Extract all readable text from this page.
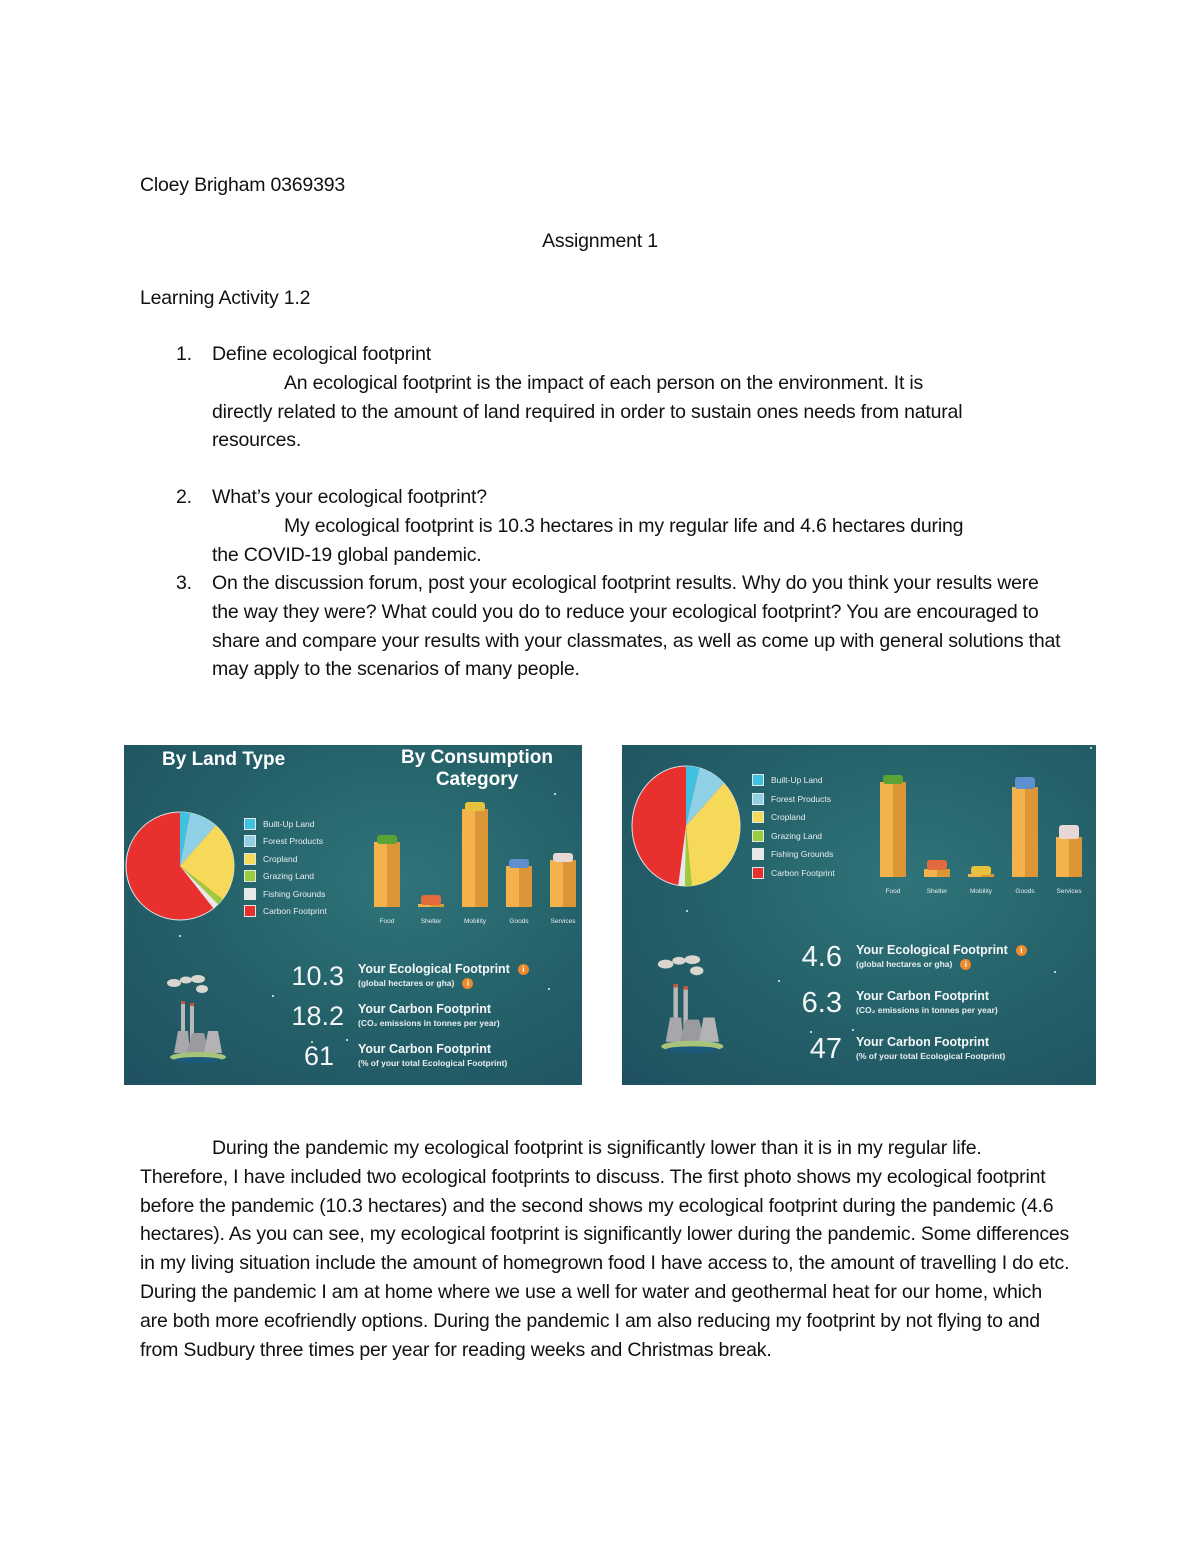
Cloey Brigham 0369393
Assignment 1
Learning Activity 1.2
1.	Define ecological footprint
An ecological footprint is the impact of each person on the environment. It is
directly related to the amount of land required in order to sustain ones needs from natural resources.
2.	What’s your ecological footprint?
My ecological footprint is 10.3 hectares in my regular life and 4.6 hectares during
the COVID-19 global pandemic.
3.	On the discussion forum, post your ecological footprint results. Why do you think your results were the way they were? What could you do to reduce your ecological footprint? You are encouraged to share and compare your results with your classmates, as well as come up with general solutions that may apply to the scenarios of many people.
By Land Type	By Consumption
Category
Built-Up Land
Forest Products
Cropland
Grazing Land
Fishing Grounds
Carbon Footprint
Food	Shelter	Mobility	Goods	Services
10.3 Your Ecological Footprint i
(global hectares or gha) i
18.2 Your Carbon Footprint
(CO₂ emissions in tonnes per year)
61	Your Carbon Footprint
(% of your total Ecological Footprint)
Built-Up Land
Forest Products
Cropland
Grazing Land
Fishing Grounds
Carbon Footprint
Food	Shelter	Mobility	Goods	Services
4.6 Your Ecological Footprint i
(global hectares or gha) i
6.3 Your Carbon Footprint
(CO₂ emissions in tonnes per year)
47 Your Carbon Footprint
(% of your total Ecological Footprint)
During the pandemic my ecological footprint is significantly lower than it is in my regular life. Therefore, I have included two ecological footprints to discuss. The first photo shows my ecological footprint before the pandemic (10.3 hectares) and the second shows my ecological footprint during the pandemic (4.6 hectares). As you can see, my ecological footprint is significantly lower during the pandemic. Some differences in my living situation include the amount of homegrown food I have access to, the amount of travelling I do etc. During the pandemic I am at home where we use a well for water and geothermal heat for our home, which are both more ecofriendly options. During the pandemic I am also reducing my footprint by not flying to and from Sudbury three times per year for reading weeks and Christmas break.
